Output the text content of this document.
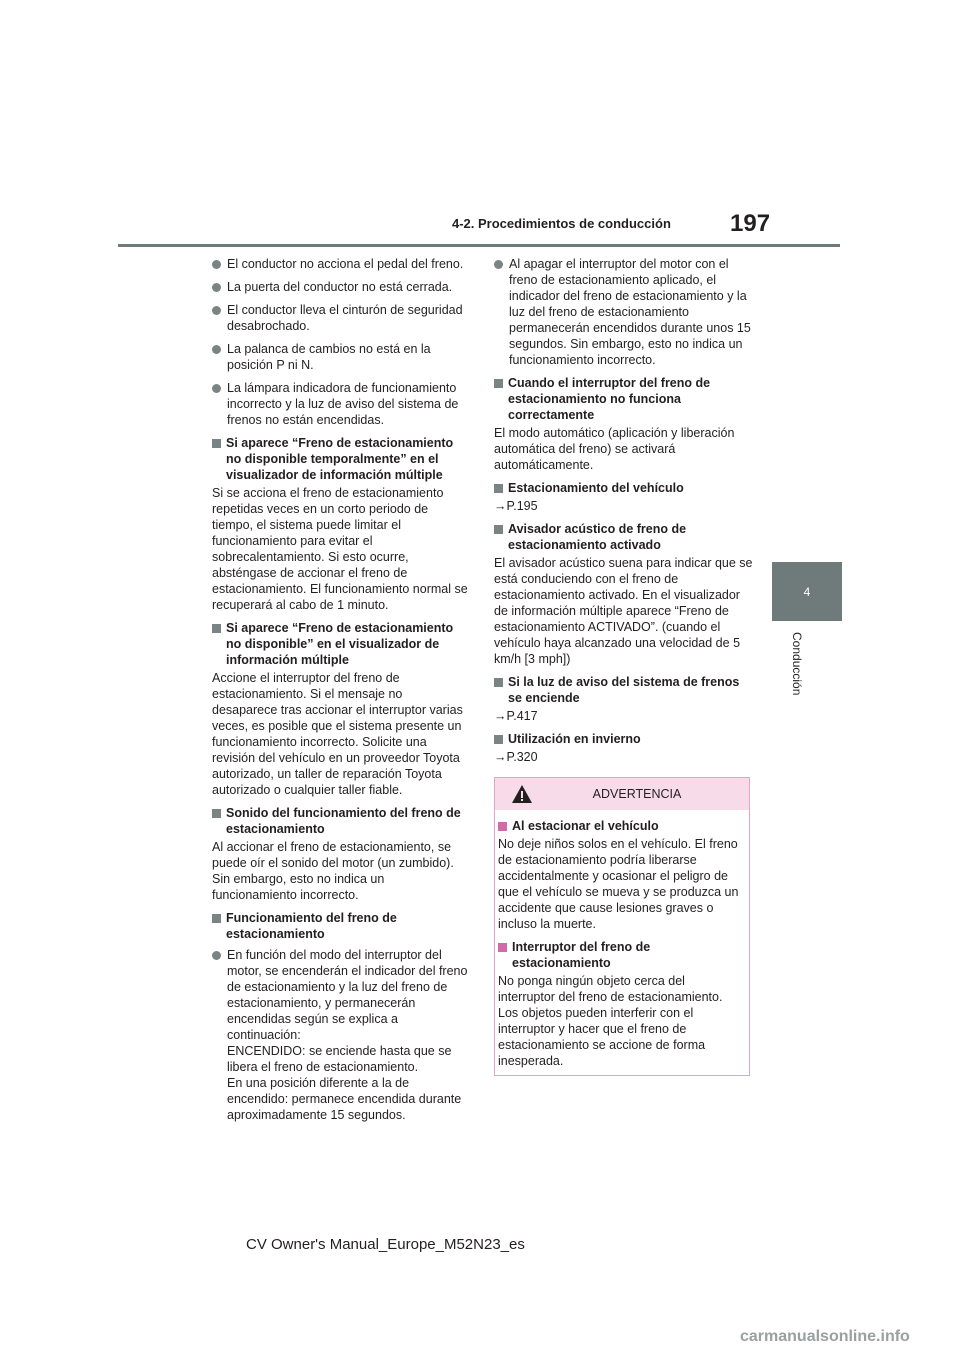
4-2. Procedimientos de conducción 197
4
Conducción
El conductor no acciona el pedal del freno.
La puerta del conductor no está cerrada.
El conductor lleva el cinturón de seguridad desabrochado.
La palanca de cambios no está en la posición P ni N.
La lámpara indicadora de funcionamiento incorrecto y la luz de aviso del sistema de frenos no están encendidas.
Si aparece “Freno de estacionamiento no disponible temporalmente” en el visualizador de información múltiple
Si se acciona el freno de estacionamiento repetidas veces en un corto periodo de tiempo, el sistema puede limitar el funcionamiento para evitar el sobrecalentamiento. Si esto ocurre, absténgase de accionar el freno de estacionamiento. El funcionamiento normal se recuperará al cabo de 1 minuto.
Si aparece “Freno de estacionamiento no disponible” en el visualizador de información múltiple
Accione el interruptor del freno de estacionamiento. Si el mensaje no desaparece tras accionar el interruptor varias veces, es posible que el sistema presente un funcionamiento incorrecto. Solicite una revisión del vehículo en un proveedor Toyota autorizado, un taller de reparación Toyota autorizado o cualquier taller fiable.
Sonido del funcionamiento del freno de estacionamiento
Al accionar el freno de estacionamiento, se puede oír el sonido del motor (un zumbido). Sin embargo, esto no indica un funcionamiento incorrecto.
Funcionamiento del freno de estacionamiento
En función del modo del interruptor del motor, se encenderán el indicador del freno de estacionamiento y la luz del freno de estacionamiento, y permanecerán encendidas según se explica a continuación:
ENCENDIDO: se enciende hasta que se libera el freno de estacionamiento.
En una posición diferente a la de encendido: permanece encendida durante aproximadamente 15 segundos.
Al apagar el interruptor del motor con el freno de estacionamiento aplicado, el indicador del freno de estacionamiento y la luz del freno de estacionamiento permanecerán encendidos durante unos 15 segundos. Sin embargo, esto no indica un funcionamiento incorrecto.
Cuando el interruptor del freno de estacionamiento no funciona correctamente
El modo automático (aplicación y liberación automática del freno) se activará automáticamente.
Estacionamiento del vehículo
→P.195
Avisador acústico de freno de estacionamiento activado
El avisador acústico suena para indicar que se está conduciendo con el freno de estacionamiento activado. En el visualizador de información múltiple aparece “Freno de estacionamiento ACTIVADO”. (cuando el vehículo haya alcanzado una velocidad de 5 km/h [3 mph])
Si la luz de aviso del sistema de frenos se enciende
→P.417
Utilización en invierno
→P.320
ADVERTENCIA
Al estacionar el vehículo
No deje niños solos en el vehículo. El freno de estacionamiento podría liberarse accidentalmente y ocasionar el peligro de que el vehículo se mueva y se produzca un accidente que cause lesiones graves o incluso la muerte.
Interruptor del freno de estacionamiento
No ponga ningún objeto cerca del interruptor del freno de estacionamiento. Los objetos pueden interferir con el interruptor y hacer que el freno de estacionamiento se accione de forma inesperada.
CV Owner's Manual_Europe_M52N23_es
carmanualsonline.info
